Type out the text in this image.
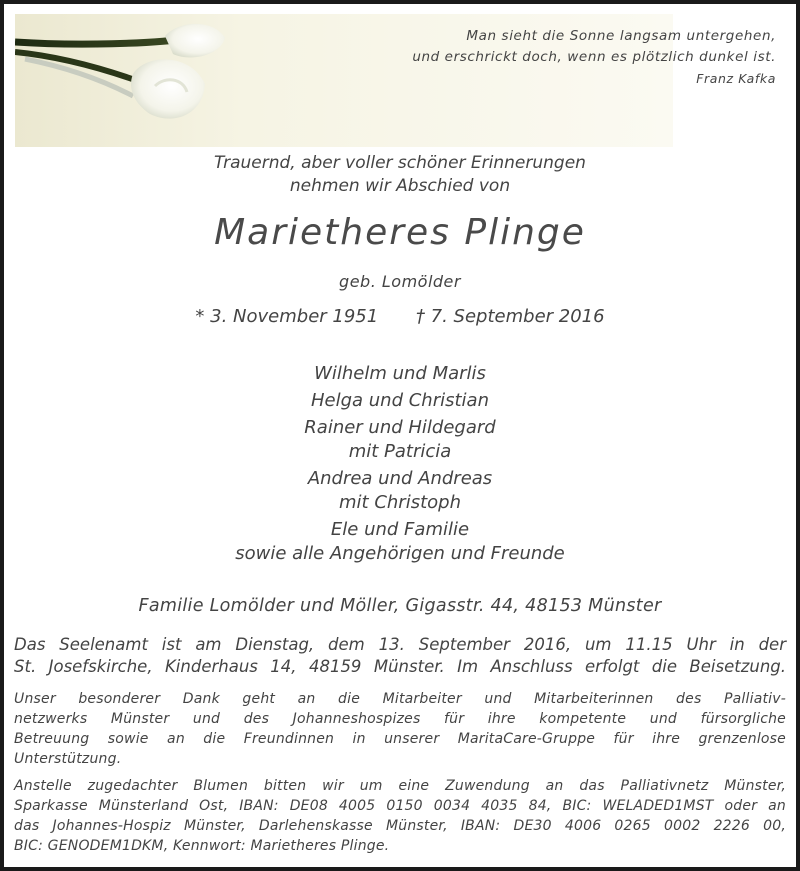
Man sieht die Sonne langsam untergehen,
und erschrickt doch, wenn es plötzlich dunkel ist.
Franz Kafka
Trauernd, aber voller schöner Erinnerungen
nehmen wir Abschied von
Marietheres Plinge
geb. Lomölder
* 3. November 1951 † 7. September 2016
Wilhelm und Marlis
Helga und Christian
Rainer und Hildegard
mit Patricia
Andrea und Andreas
mit Christoph
Ele und Familie
sowie alle Angehörigen und Freunde
Familie Lomölder und Möller, Gigasstr. 44, 48153 Münster
Das Seelenamt ist am Dienstag, dem 13. September 2016, um 11.15 Uhr in der
St. Josefskirche, Kinderhaus 14, 48159 Münster. Im Anschluss erfolgt die Beisetzung.
Unser besonderer Dank geht an die Mitarbeiter und Mitarbeiterinnen des Palliativ-
netzwerks Münster und des Johanneshospizes für ihre kompetente und fürsorgliche
Betreuung sowie an die Freundinnen in unserer MaritaCare-Gruppe für ihre grenzenlose
Unterstützung.
Anstelle zugedachter Blumen bitten wir um eine Zuwendung an das Palliativnetz Münster,
Sparkasse Münsterland Ost, IBAN: DE08 4005 0150 0034 4035 84, BIC: WELADED1MST oder an
das Johannes-Hospiz Münster, Darlehenskasse Münster, IBAN: DE30 4006 0265 0002 2226 00,
BIC: GENODEM1DKM, Kennwort: Marietheres Plinge.
